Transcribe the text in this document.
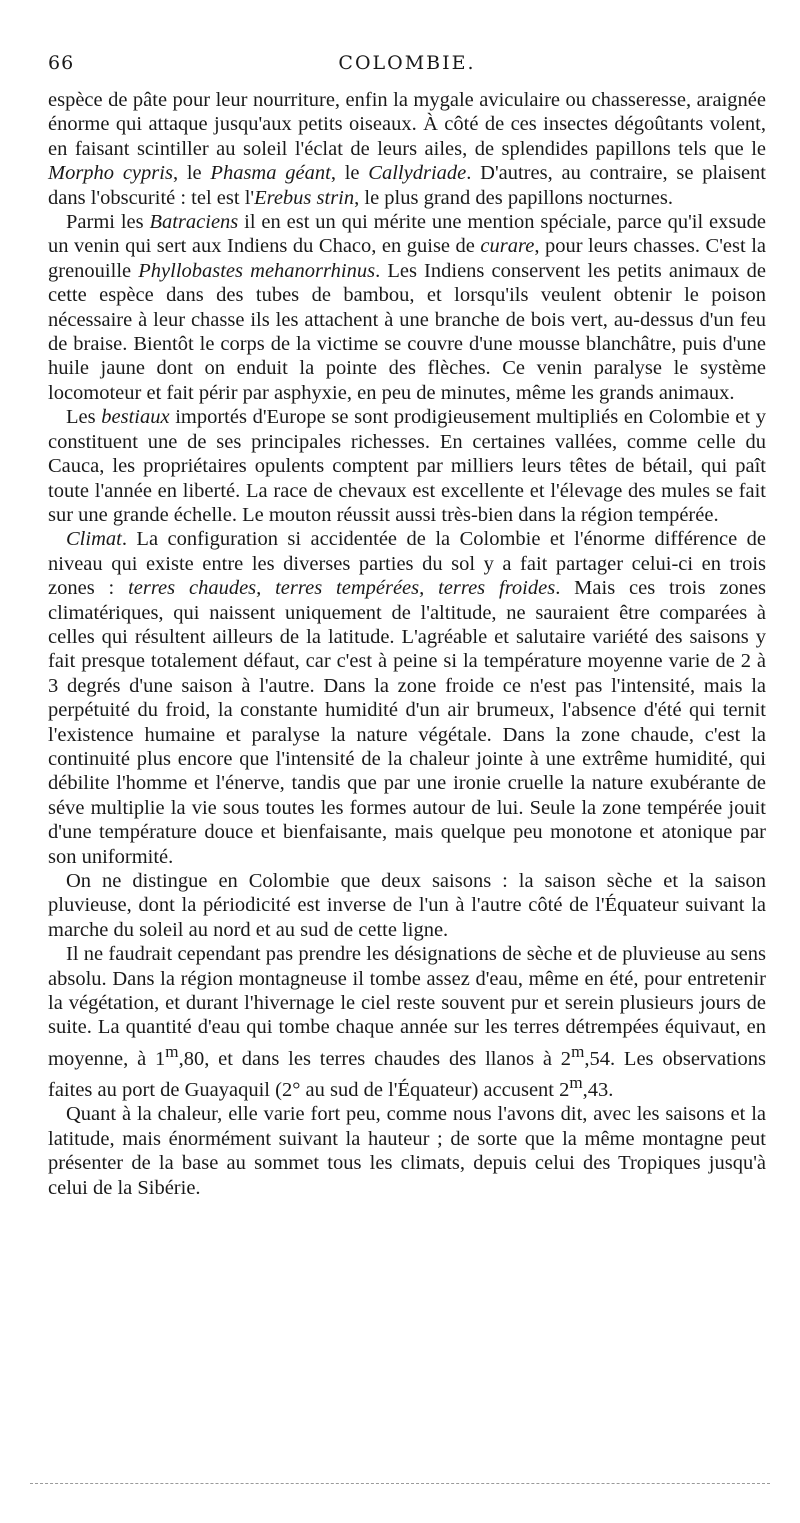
66	COLOMBIE.

espèce de pâte pour leur nourriture, enfin la mygale aviculaire ou chasseresse, araignée énorme qui attaque jusqu'aux petits oiseaux. À côté de ces insectes dégoûtants volent, en faisant scintiller au soleil l'éclat de leurs ailes, de splendides papillons tels que le Morpho cypris, le Phasma géant, le Callydriade. D'autres, au contraire, se plaisent dans l'obscurité : tel est l'Erebus strin, le plus grand des papillons nocturnes.

Parmi les Batraciens il en est un qui mérite une mention spéciale, parce qu'il exsude un venin qui sert aux Indiens du Chaco, en guise de curare, pour leurs chasses. C'est la grenouille Phyllobastes mehanorrhinus. Les Indiens conservent les petits animaux de cette espèce dans des tubes de bambou, et lorsqu'ils veulent obtenir le poison nécessaire à leur chasse ils les attachent à une branche de bois vert, au-dessus d'un feu de braise. Bientôt le corps de la victime se couvre d'une mousse blanchâtre, puis d'une huile jaune dont on enduit la pointe des flèches. Ce venin paralyse le système locomoteur et fait périr par asphyxie, en peu de minutes, même les grands animaux.

Les bestiaux importés d'Europe se sont prodigieusement multipliés en Colombie et y constituent une de ses principales richesses. En certaines vallées, comme celle du Cauca, les propriétaires opulents comptent par milliers leurs têtes de bétail, qui paît toute l'année en liberté. La race de chevaux est excellente et l'élevage des mules se fait sur une grande échelle. Le mouton réussit aussi très-bien dans la région tempérée.

Climat. La configuration si accidentée de la Colombie et l'énorme différence de niveau qui existe entre les diverses parties du sol y a fait partager celui-ci en trois zones : terres chaudes, terres tempérées, terres froides. Mais ces trois zones climatériques, qui naissent uniquement de l'altitude, ne sauraient être comparées à celles qui résultent ailleurs de la latitude. L'agréable et salutaire variété des saisons y fait presque totalement défaut, car c'est à peine si la température moyenne varie de 2 à 3 degrés d'une saison à l'autre. Dans la zone froide ce n'est pas l'intensité, mais la perpétuité du froid, la constante humidité d'un air brumeux, l'absence d'été qui ternit l'existence humaine et paralyse la nature végétale. Dans la zone chaude, c'est la continuité plus encore que l'intensité de la chaleur jointe à une extrême humidité, qui débilite l'homme et l'énerve, tandis que par une ironie cruelle la nature exubérante de séve multiplie la vie sous toutes les formes autour de lui. Seule la zone tempérée jouit d'une température douce et bienfaisante, mais quelque peu monotone et atonique par son uniformité.

On ne distingue en Colombie que deux saisons : la saison sèche et la saison pluvieuse, dont la périodicité est inverse de l'un à l'autre côté de l'Équateur suivant la marche du soleil au nord et au sud de cette ligne.

Il ne faudrait cependant pas prendre les désignations de sèche et de pluvieuse au sens absolu. Dans la région montagneuse il tombe assez d'eau, même en été, pour entretenir la végétation, et durant l'hivernage le ciel reste souvent pur et serein plusieurs jours de suite. La quantité d'eau qui tombe chaque année sur les terres détrempées équivaut, en moyenne, à 1$^m$,80, et dans les terres chaudes des llanos à 2$^m$,54. Les observations faites au port de Guayaquil (2° au sud de l'Équateur) accusent 2$^m$,43.

Quant à la chaleur, elle varie fort peu, comme nous l'avons dit, avec les saisons et la latitude, mais énormément suivant la hauteur ; de sorte que la même montagne peut présenter de la base au sommet tous les climats, depuis celui des Tropiques jusqu'à celui de la Sibérie.
